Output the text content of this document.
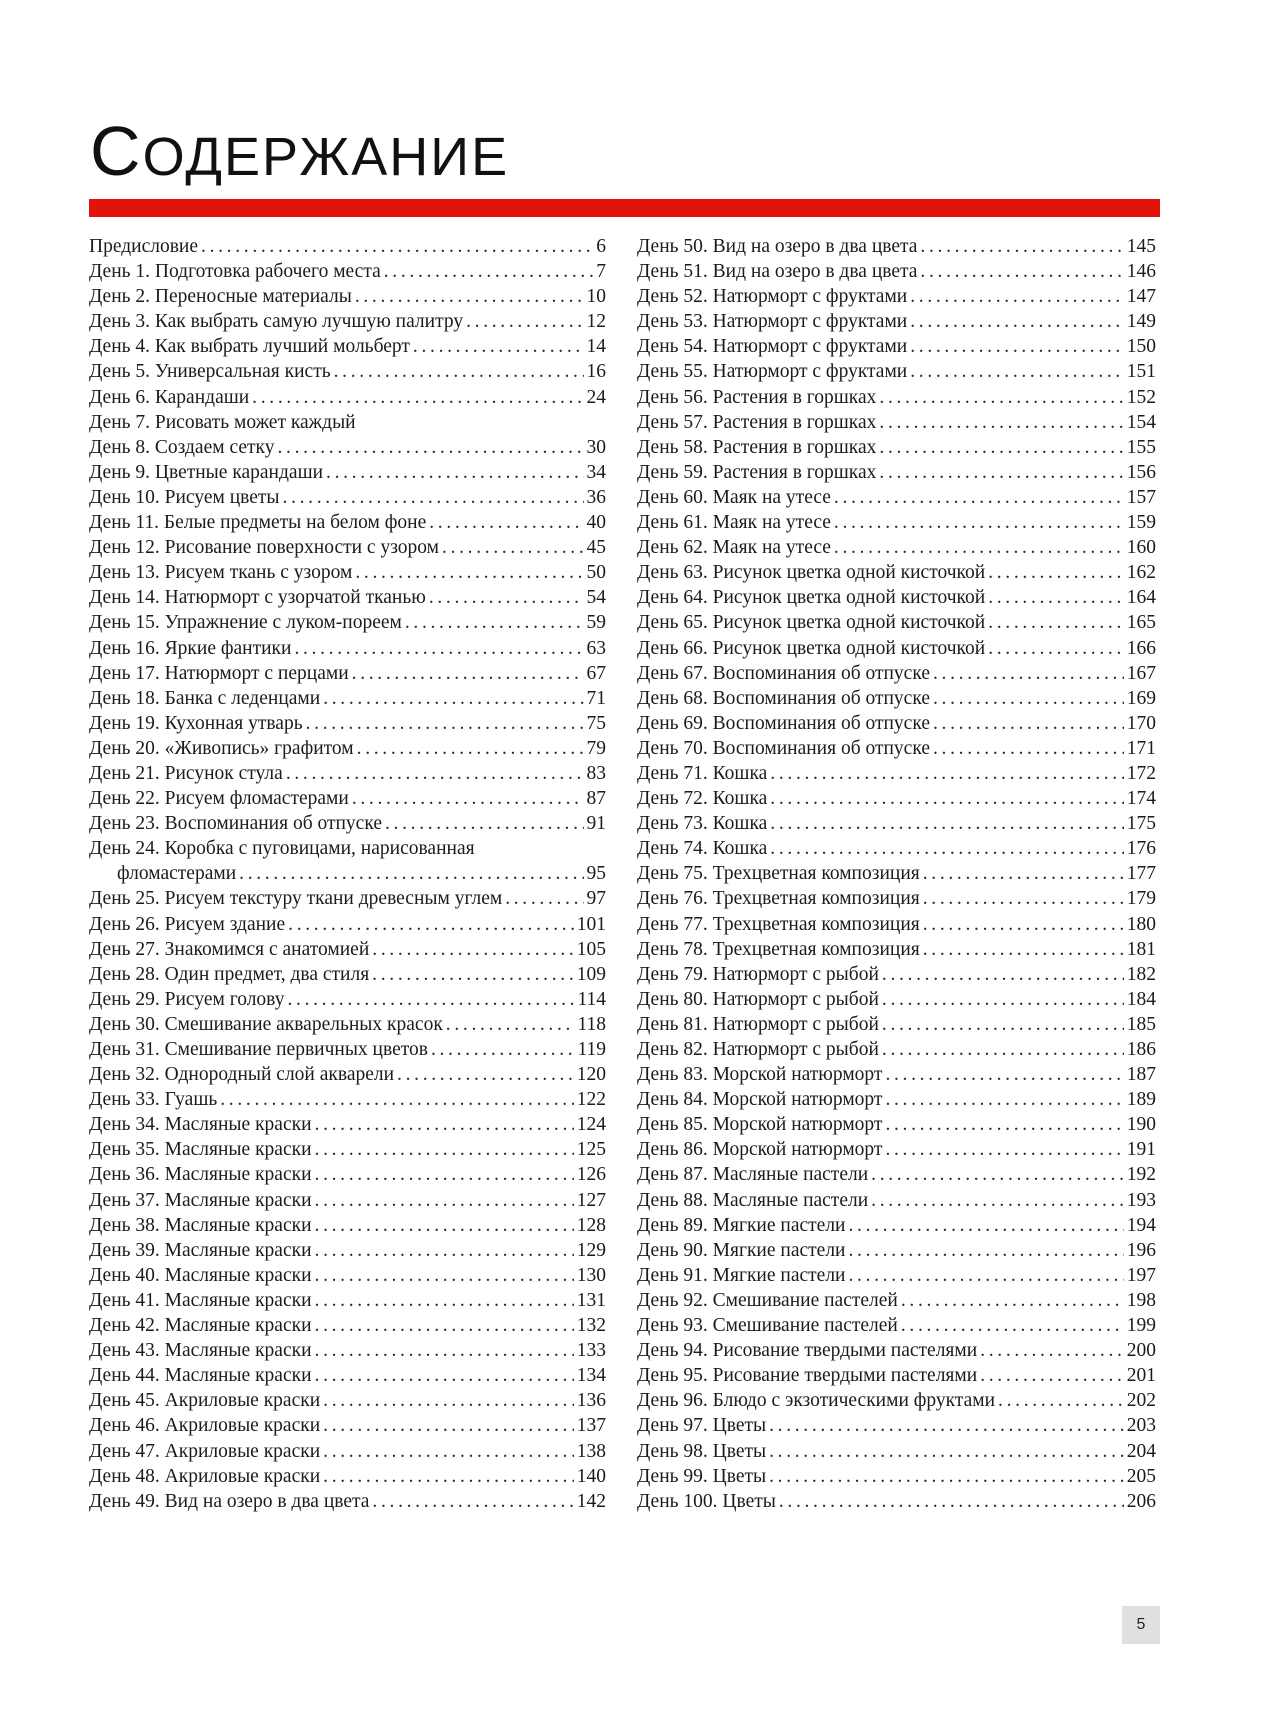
СОДЕРЖАНИЕ
Предисловие . . .	6
День 1. Подготовка рабочего места . . .	7
День 2. Переносные материалы . . .	10
День 3. Как выбрать самую лучшую палитру . . .	12
День 4. Как выбрать лучший мольберт . . .	14
День 5. Универсальная кисть . . .	16
День 6. Карандаши . . .	24
День 7. Рисовать может каждый
День 8. Создаем сетку . . .	30
День 9. Цветные карандаши . . .	34
День 10. Рисуем цветы . . .	36
День 11. Белые предметы на белом фоне . . .	40
День 12. Рисование поверхности с узором . . .	45
День 13. Рисуем ткань с узором . . .	50
День 14. Натюрморт с узорчатой тканью . . .	54
День 15. Упражнение с луком-пореем . . .	59
День 16. Яркие фантики . . .	63
День 17. Натюрморт с перцами . . .	67
День 18. Банка с леденцами . . .	71
День 19. Кухонная утварь . . .	75
День 20. «Живопись» графитом . . .	79
День 21. Рисунок стула . . .	83
День 22. Рисуем фломастерами . . .	87
День 23. Воспоминания об отпуске . . .	91
День 24. Коробка с пуговицами, нарисованная
фломастерами . . .	95
День 25. Рисуем текстуру ткани древесным углем . . .	97
День 26. Рисуем здание . . .	101
День 27. Знакомимся с анатомией . . .	105
День 28. Один предмет, два стиля . . .	109
День 29. Рисуем голову . . .	114
День 30. Смешивание акварельных красок . . .	118
День 31. Смешивание первичных цветов . . .	119
День 32. Однородный слой акварели . . .	120
День 33. Гуашь . . .	122
День 34. Масляные краски . . .	124
День 35. Масляные краски . . .	125
День 36. Масляные краски . . .	126
День 37. Масляные краски . . .	127
День 38. Масляные краски . . .	128
День 39. Масляные краски . . .	129
День 40. Масляные краски . . .	130
День 41. Масляные краски . . .	131
День 42. Масляные краски . . .	132
День 43. Масляные краски . . .	133
День 44. Масляные краски . . .	134
День 45. Акриловые краски . . .	136
День 46. Акриловые краски . . .	137
День 47. Акриловые краски . . .	138
День 48. Акриловые краски . . .	140
День 49. Вид на озеро в два цвета . . .	142
День 50. Вид на озеро в два цвета . . .	145
День 51. Вид на озеро в два цвета . . .	146
День 52. Натюрморт с фруктами . . .	147
День 53. Натюрморт с фруктами . . .	149
День 54. Натюрморт с фруктами . . .	150
День 55. Натюрморт с фруктами . . .	151
День 56. Растения в горшках . . .	152
День 57. Растения в горшках . . .	154
День 58. Растения в горшках . . .	155
День 59. Растения в горшках . . .	156
День 60. Маяк на утесе . . .	157
День 61. Маяк на утесе . . .	159
День 62. Маяк на утесе . . .	160
День 63. Рисунок цветка одной кисточкой . . .	162
День 64. Рисунок цветка одной кисточкой . . .	164
День 65. Рисунок цветка одной кисточкой . . .	165
День 66. Рисунок цветка одной кисточкой . . .	166
День 67. Воспоминания об отпуске . . .	167
День 68. Воспоминания об отпуске . . .	169
День 69. Воспоминания об отпуске . . .	170
День 70. Воспоминания об отпуске . . .	171
День 71. Кошка . . .	172
День 72. Кошка . . .	174
День 73. Кошка . . .	175
День 74. Кошка . . .	176
День 75. Трехцветная композиция . . .	177
День 76. Трехцветная композиция . . .	179
День 77. Трехцветная композиция . . .	180
День 78. Трехцветная композиция . . .	181
День 79. Натюрморт с рыбой . . .	182
День 80. Натюрморт с рыбой . . .	184
День 81. Натюрморт с рыбой . . .	185
День 82. Натюрморт с рыбой . . .	186
День 83. Морской натюрморт . . .	187
День 84. Морской натюрморт . . .	189
День 85. Морской натюрморт . . .	190
День 86. Морской натюрморт . . .	191
День 87. Масляные пастели . . .	192
День 88. Масляные пастели . . .	193
День 89. Мягкие пастели . . .	194
День 90. Мягкие пастели . . .	196
День 91. Мягкие пастели . . .	197
День 92. Смешивание пастелей . . .	198
День 93. Смешивание пастелей . . .	199
День 94. Рисование твердыми пастелями . . .	200
День 95. Рисование твердыми пастелями . . .	201
День 96. Блюдо с экзотическими фруктами . . .	202
День 97. Цветы . . .	203
День 98. Цветы . . .	204
День 99. Цветы . . .	205
День 100. Цветы . . .	206
5
